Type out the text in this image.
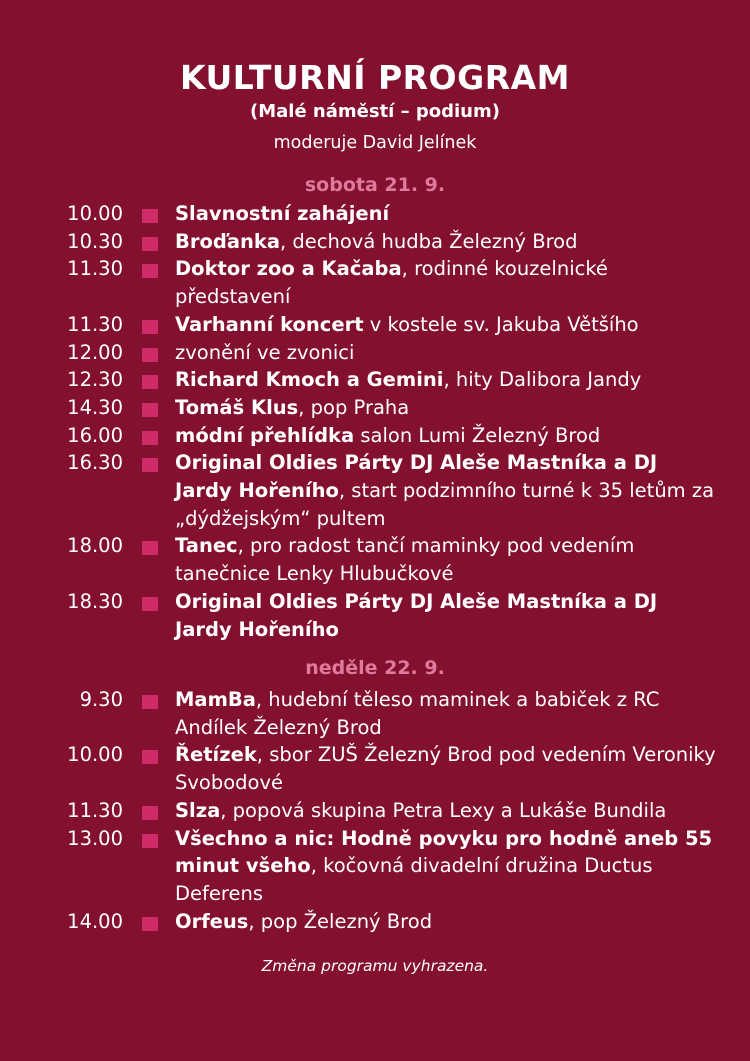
KULTURNÍ PROGRAM
(Malé náměstí – podium)
moderuje David Jelínek
sobota 21. 9.
10.00	Slavnostní zahájení
10.30	Broďanka, dechová hudba Železný Brod
11.30	Doktor zoo a Kačaba, rodinné kouzelnické představení
11.30	Varhanní koncert v kostele sv. Jakuba Většího
12.00	zvonění ve zvonici
12.30	Richard Kmoch a Gemini, hity Dalibora Jandy
14.30	Tomáš Klus, pop Praha
16.00	módní přehlídka salon Lumi Železný Brod
16.30	Original Oldies Párty DJ Aleše Mastníka a DJ Jardy Hořeního, start podzimního turné k 35 letům za „dýdžejským“ pultem
18.00	Tanec, pro radost tančí maminky pod vedením tanečnice Lenky Hlubučkové
18.30	Original Oldies Párty DJ Aleše Mastníka a DJ Jardy Hořeního
neděle 22. 9.
9.30	MamBa, hudební těleso maminek a babiček z RC Andílek Železný Brod
10.00	Řetízek, sbor ZUŠ Železný Brod pod vedením Veroniky Svobodové
11.30	Slza, popová skupina Petra Lexy a Lukáše Bundila
13.00	Všechno a nic: Hodně povyku pro hodně aneb 55 minut všeho, kočovná divadelní družina Ductus Deferens
14.00	Orfeus, pop Železný Brod
Změna programu vyhrazena.
